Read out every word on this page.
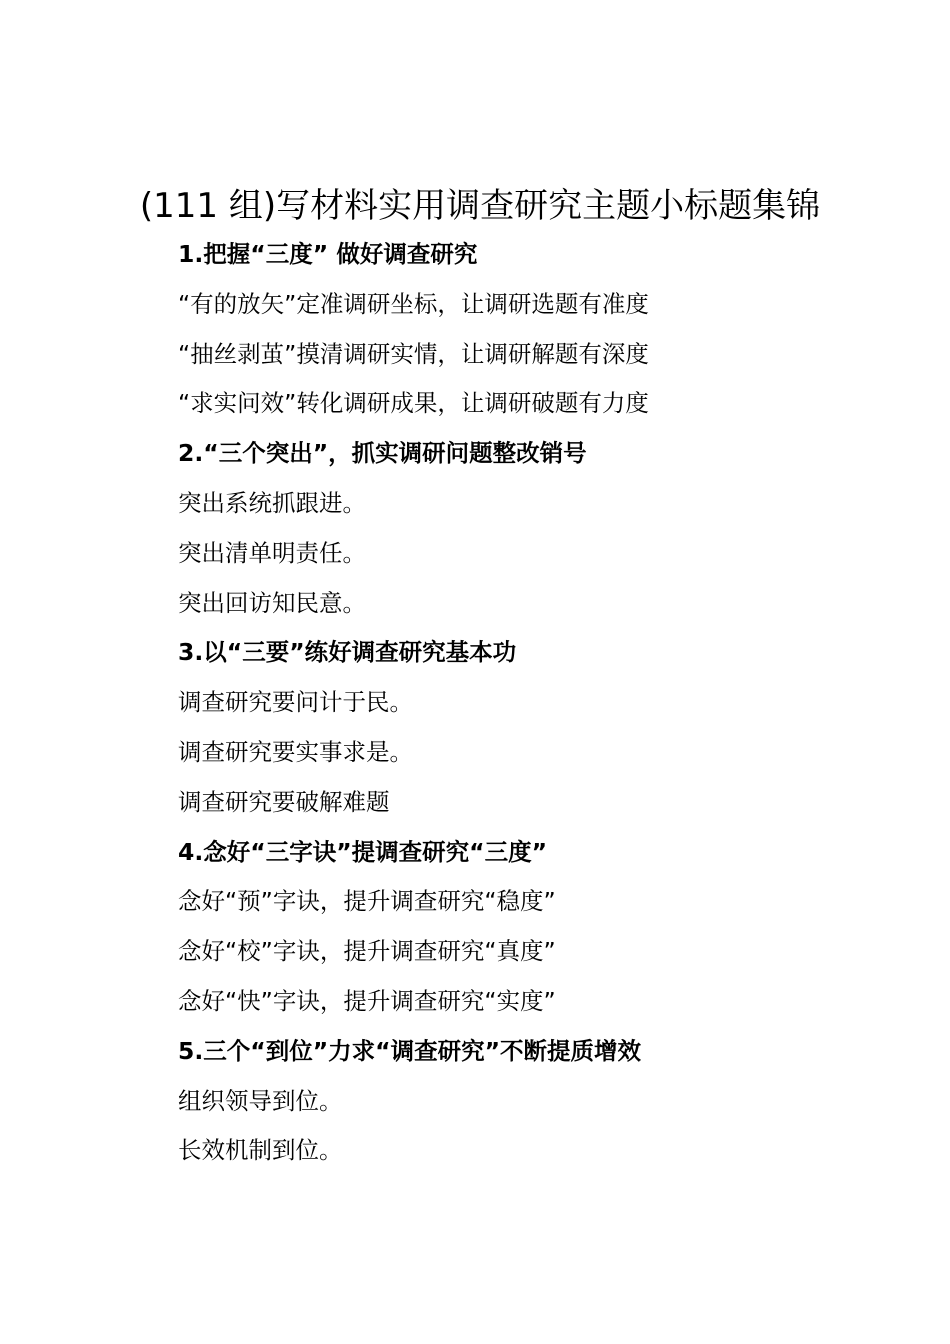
(111 组)写材料实用调查研究主题小标题集锦
1.把握“三度” 做好调查研究
“有的放矢”定准调研坐标，让调研选题有准度
“抽丝剥茧”摸清调研实情，让调研解题有深度
“求实问效”转化调研成果，让调研破题有力度
2.“三个突出”，抓实调研问题整改销号
突出系统抓跟进。
突出清单明责任。
突出回访知民意。
3.以“三要”练好调查研究基本功
调查研究要问计于民。
调查研究要实事求是。
调查研究要破解难题
4.念好“三字诀”提调查研究“三度”
念好“预”字诀，提升调查研究“稳度”
念好“校”字诀，提升调查研究“真度”
念好“快”字诀，提升调查研究“实度”
5.三个“到位”力求“调查研究”不断提质增效
组织领导到位。
长效机制到位。
